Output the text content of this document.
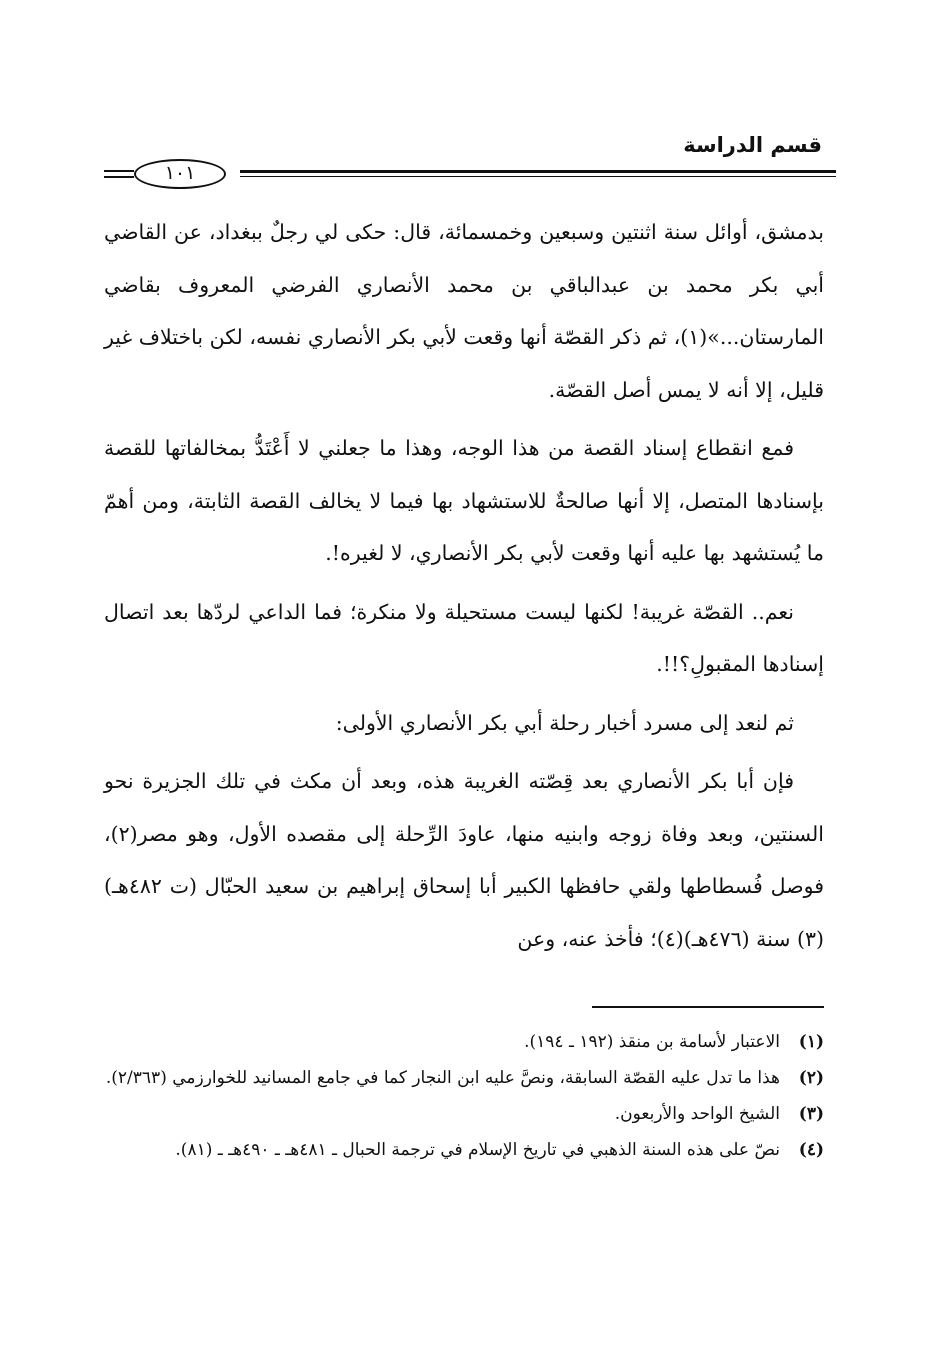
قسم الدراسة
١٠١

بدمشق، أوائل سنة اثنتين وسبعين وخمسمائة، قال: حكى لي رجلٌ ببغداد، عن القاضي أبي بكر محمد بن عبدالباقي بن محمد الأنصاري الفرضي المعروف بقاضي المارستان...»(١)، ثم ذكر القصّة أنها وقعت لأبي بكر الأنصاري نفسه، لكن باختلاف غير قليل، إلا أنه لا يمس أصل القصّة.

فمع انقطاع إسناد القصة من هذا الوجه، وهذا ما جعلني لا أَعْتَدُّ بمخالفاتها للقصة بإسنادها المتصل، إلا أنها صالحةٌ للاستشهاد بها فيما لا يخالف القصة الثابتة، ومن أهمّ ما يُستشهد بها عليه أنها وقعت لأبي بكر الأنصاري، لا لغيره!.

نعم.. القصّة غريبة! لكنها ليست مستحيلة ولا منكرة؛ فما الداعي لردّها بعد اتصال إسنادها المقبولِ؟!!.

ثم لنعد إلى مسرد أخبار رحلة أبي بكر الأنصاري الأولى:

فإن أبا بكر الأنصاري بعد قِصّته الغريبة هذه، وبعد أن مكث في تلك الجزيرة نحو السنتين، وبعد وفاة زوجه وابنيه منها، عاودَ الرِّحلة إلى مقصده الأول، وهو مصر(٢)، فوصل فُسطاطها ولقي حافظها الكبير أبا إسحاق إبراهيم بن سعيد الحبّال (ت ٤٨٢هـ)(٣) سنة (٤٧٦هـ)(٤)؛ فأخذ عنه، وعن

(١)
الاعتبار لأسامة بن منقذ (١٩٢ ـ ١٩٤).
(٢)
هذا ما تدل عليه القصّة السابقة، ونصَّ عليه ابن النجار كما في جامع المسانيد للخوارزمي (٢/٣٦٣).
(٣)
الشيخ الواحد والأربعون.
(٤)
نصّ على هذه السنة الذهبي في تاريخ الإسلام في ترجمة الحبال ـ ٤٨١هـ ـ ٤٩٠هـ ـ (٨١).
